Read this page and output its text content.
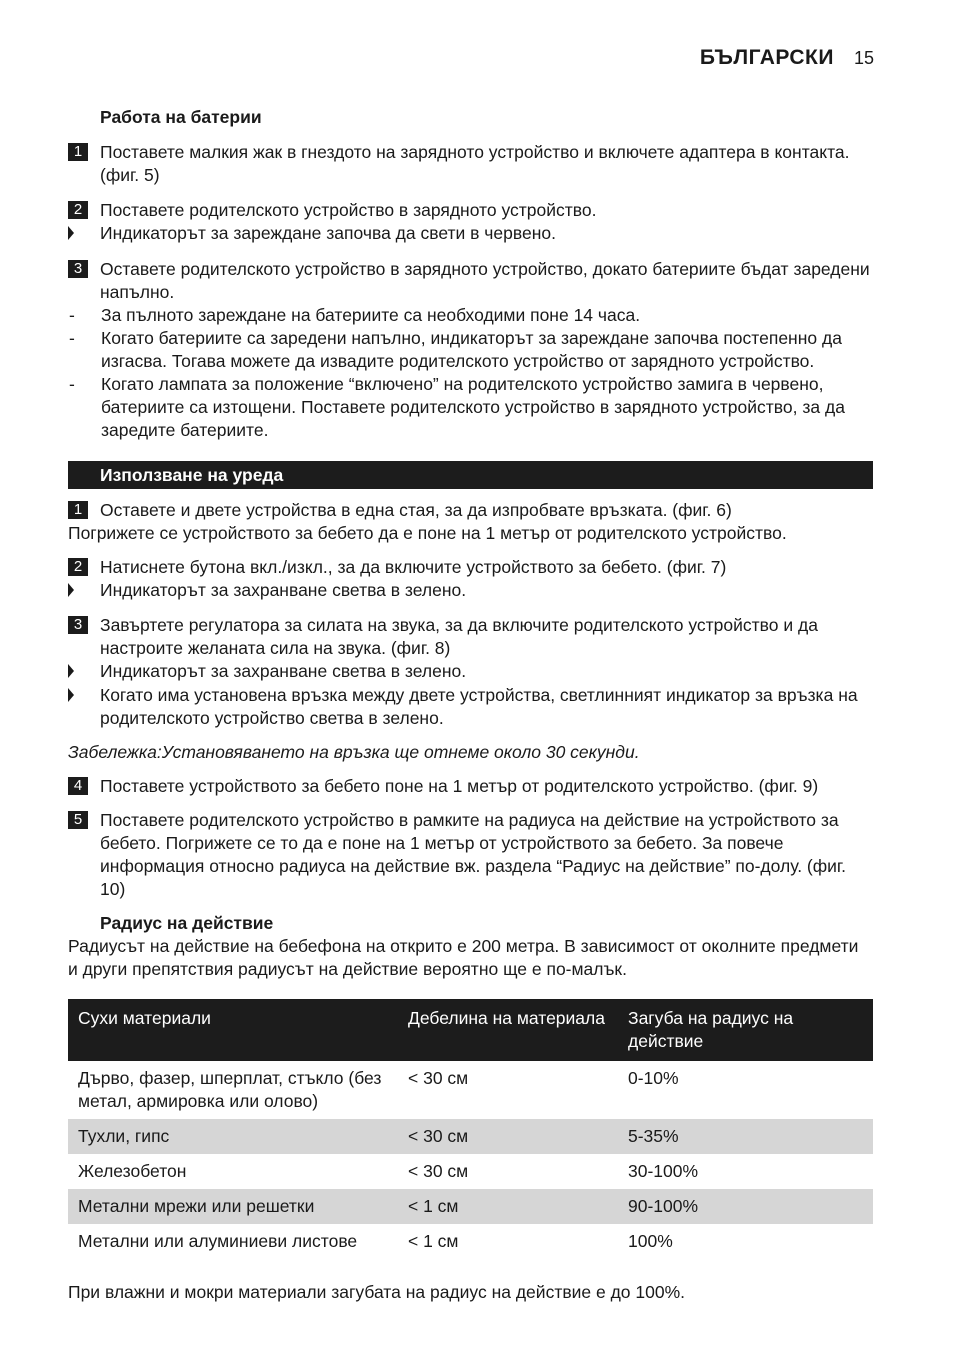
БЪЛГАРСКИ 15
Работа на батерии
1	Поставете малкия жак в гнездото на зарядното устройство и включете адаптера в контакта. (фиг. 5)
2	Поставете родителското устройство в зарядното устройство.
Индикаторът за зареждане започва да свети в червено.
3	Оставете родителското устройство в зарядното устройство, докато батериите бъдат заредени напълно.
-	За пълното зареждане на батериите са необходими поне 14 часа.
-	Когато батериите са заредени напълно, индикаторът за зареждане започва постепенно да изгасва. Тогава можете да извадите родителското устройство от зарядното устройство.
-	Когато лампата за положение “включено” на родителското устройство замига в червено, батериите са изтощени. Поставете родителското устройство в зарядното устройство, за да заредите батериите.
Използване на уреда
1	Оставете и двете устройства в една стая, за да изпробвате връзката. (фиг. 6)
Погрижете се устройството за бебето да е поне на 1 метър от родителското устройство.
2	Натиснете бутона вкл./изкл., за да включите устройството за бебето. (фиг. 7)
Индикаторът за захранване светва в зелено.
3	Завъртете регулатора за силата на звука, за да включите родителското устройство и да настроите желаната сила на звука. (фиг. 8)
Индикаторът за захранване светва в зелено.
Когато има установена връзка между двете устройства, светлинният индикатор за връзка на родителското устройство светва в зелено.
Забележка:Установяването на връзка ще отнеме около 30 секунди.
4	Поставете устройството за бебето поне на 1 метър от родителското устройство. (фиг. 9)
5	Поставете родителското устройство в рамките на радиуса на действие на устройството за бебето. Погрижете се то да е поне на 1 метър от устройството за бебето. За повече информация относно радиуса на действие вж. раздела “Радиус на действие” по-долу. (фиг. 10)
Радиус на действие
Радиусът на действие на бебефона на открито е 200 метра. В зависимост от околните предмети и други препятствия радиусът на действие вероятно ще е по-малък.
Сухи материали	Дебелина на материала	Загуба на радиус на действие
Дърво, фазер, шперплат, стъкло (без метал, армировка или олово)	< 30 см	0-10%
Тухли, гипс	< 30 см	5-35%
Железобетон	< 30 см	30-100%
Метални мрежи или решетки	< 1 см	90-100%
Метални или алуминиеви листове	< 1 см	100%
При влажни и мокри материали загубата на радиус на действие е до 100%.
